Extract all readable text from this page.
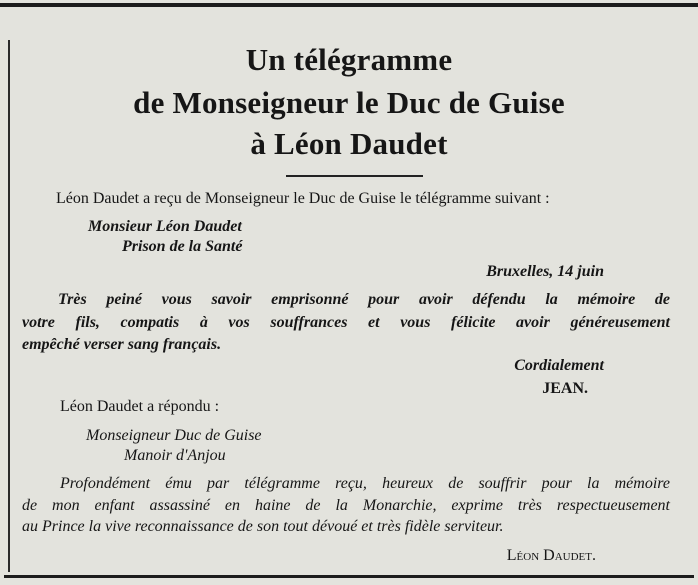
Un télégramme
de Monseigneur le Duc de Guise
à Léon Daudet
Léon Daudet a reçu de Monseigneur le Duc de Guise le télégramme suivant :
Monsieur Léon Daudet
Prison de la Santé
Bruxelles, 14 juin
Très peiné vous savoir emprisonné pour avoir défendu la mémoire de
votre fils, compatis à vos souffrances et vous félicite avoir généreusement
empêché verser sang français.
Cordialement
JEAN.
Léon Daudet a répondu :
Monseigneur Duc de Guise
Manoir d'Anjou
Profondément ému par télégramme reçu, heureux de souffrir pour la mémoire
de mon enfant assassiné en haine de la Monarchie, exprime très respectueusement
au Prince la vive reconnaissance de son tout dévoué et très fidèle serviteur.
Léon Daudet.
